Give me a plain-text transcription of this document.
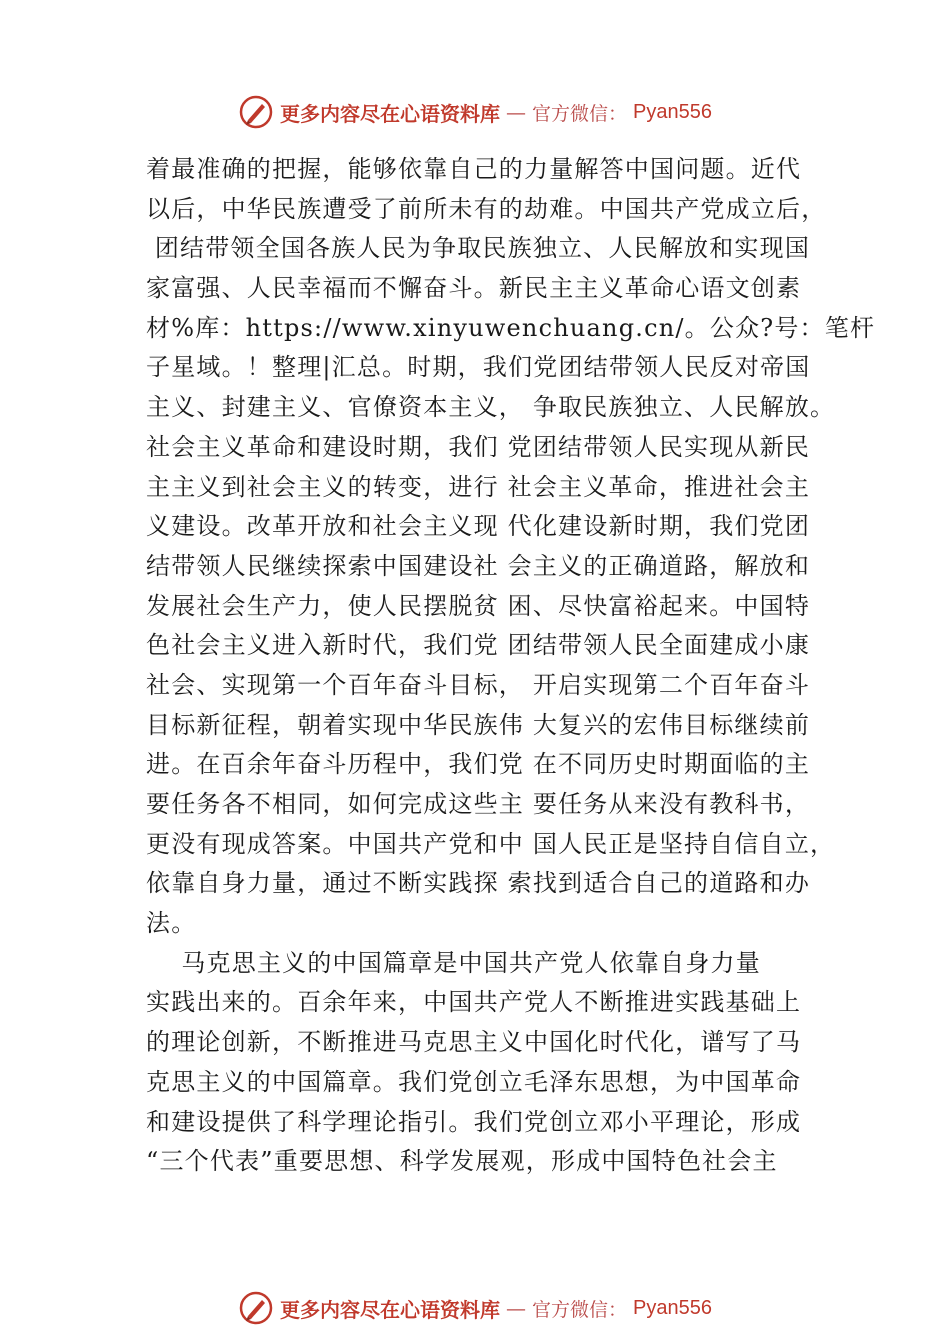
更多内容尽在心语资料库 — 官方微信： Pyan556
着最准确的把握，能够依靠自己的力量解答中国问题。近代
以后，中华民族遭受了前所未有的劫难。中国共产党成立后，
团结带领全国各族人民为争取民族独立、人民解放和实现国
家富强、人民幸福而不懈奋斗。新民主主义革命心语文创素
材%库：https://www.xinyuwenchuang.cn/。公众?号：笔杆
子星域。！整理|汇总。时期，我们党团结带领人民反对帝国
主义、封建主义、官僚资本主义， 争取民族独立、人民解放。
社会主义革命和建设时期，我们 党团结带领人民实现从新民
主主义到社会主义的转变，进行 社会主义革命，推进社会主
义建设。改革开放和社会主义现 代化建设新时期，我们党团
结带领人民继续探索中国建设社 会主义的正确道路，解放和
发展社会生产力，使人民摆脱贫 困、尽快富裕起来。中国特
色社会主义进入新时代，我们党 团结带领人民全面建成小康
社会、实现第一个百年奋斗目标， 开启实现第二个百年奋斗
目标新征程，朝着实现中华民族伟 大复兴的宏伟目标继续前
进。在百余年奋斗历程中，我们党 在不同历史时期面临的主
要任务各不相同，如何完成这些主 要任务从来没有教科书，
更没有现成答案。中国共产党和中 国人民正是坚持自信自立，
依靠自身力量，通过不断实践探 索找到适合自己的道路和办
法。
马克思主义的中国篇章是中国共产党人依靠自身力量
实践出来的。百余年来，中国共产党人不断推进实践基础上
的理论创新，不断推进马克思主义中国化时代化，谱写了马
克思主义的中国篇章。我们党创立毛泽东思想，为中国革命
和建设提供了科学理论指引。我们党创立邓小平理论，形成
“三个代表”重要思想、科学发展观，形成中国特色社会主
更多内容尽在心语资料库 — 官方微信： Pyan556
